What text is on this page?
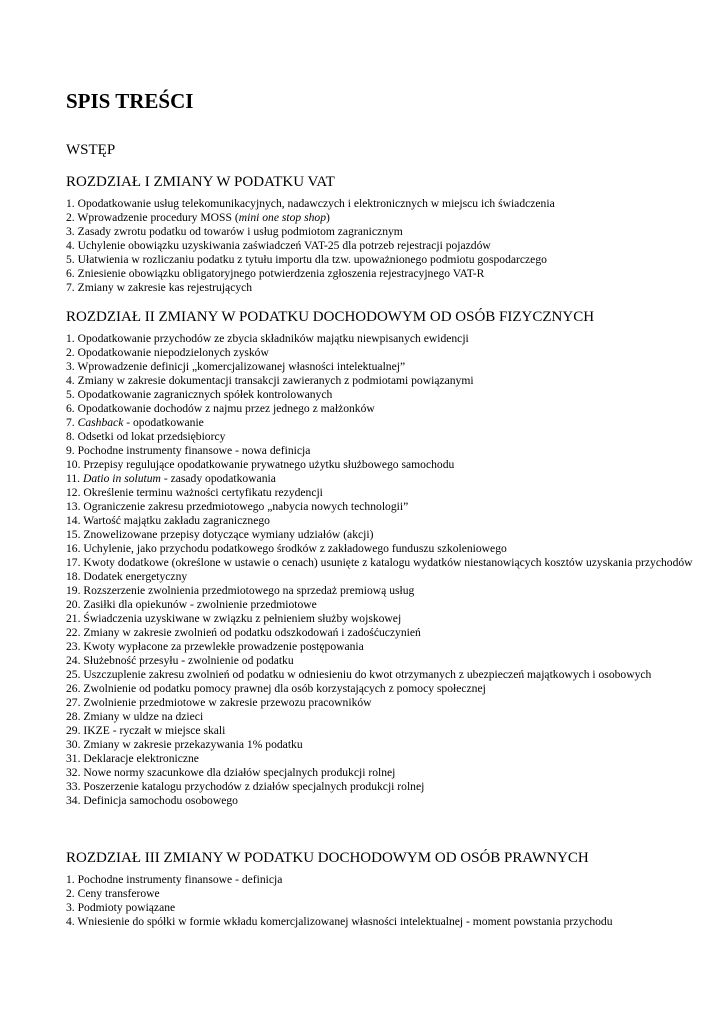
SPIS TREŚCI
WSTĘP
ROZDZIAŁ I ZMIANY W PODATKU VAT
1. Opodatkowanie usług telekomunikacyjnych, nadawczych i elektronicznych w miejscu ich świadczenia
2. Wprowadzenie procedury MOSS (mini one stop shop)
3. Zasady zwrotu podatku od towarów i usług podmiotom zagranicznym
4. Uchylenie obowiązku uzyskiwania zaświadczeń VAT-25 dla potrzeb rejestracji pojazdów
5. Ułatwienia w rozliczaniu podatku z tytułu importu dla tzw. upoważnionego podmiotu gospodarczego
6. Zniesienie obowiązku obligatoryjnego potwierdzenia zgłoszenia rejestracyjnego VAT-R
7. Zmiany w zakresie kas rejestrujących
ROZDZIAŁ II ZMIANY W PODATKU DOCHODOWYM OD OSÓB FIZYCZNYCH
1. Opodatkowanie przychodów ze zbycia składników majątku niewpisanych ewidencji
2. Opodatkowanie niepodzielonych zysków
3. Wprowadzenie definicji „komercjalizowanej własności intelektualnej”
4. Zmiany w zakresie dokumentacji transakcji zawieranych z podmiotami powiązanymi
5. Opodatkowanie zagranicznych spółek kontrolowanych
6. Opodatkowanie dochodów z najmu przez jednego z małżonków
7. Cashback - opodatkowanie
8. Odsetki od lokat przedsiębiorcy
9. Pochodne instrumenty finansowe - nowa definicja
10. Przepisy regulujące opodatkowanie prywatnego użytku służbowego samochodu
11. Datio in solutum - zasady opodatkowania
12. Określenie terminu ważności certyfikatu rezydencji
13. Ograniczenie zakresu przedmiotowego „nabycia nowych technologii”
14. Wartość majątku zakładu zagranicznego
15. Znowelizowane przepisy dotyczące wymiany udziałów (akcji)
16. Uchylenie, jako przychodu podatkowego środków z zakładowego funduszu szkoleniowego
17. Kwoty dodatkowe (określone w ustawie o cenach) usunięte z katalogu wydatków niestanowiących kosztów uzyskania przychodów
18. Dodatek energetyczny
19. Rozszerzenie zwolnienia przedmiotowego na sprzedaż premiową usług
20. Zasiłki dla opiekunów - zwolnienie przedmiotowe
21. Świadczenia uzyskiwane w związku z pełnieniem służby wojskowej
22. Zmiany w zakresie zwolnień od podatku odszkodowań i zadośćuczynień
23. Kwoty wypłacone za przewlekłe prowadzenie postępowania
24. Służebność przesyłu - zwolnienie od podatku
25. Uszczuplenie zakresu zwolnień od podatku w odniesieniu do kwot otrzymanych z ubezpieczeń majątkowych i osobowych
26. Zwolnienie od podatku pomocy prawnej dla osób korzystających z pomocy społecznej
27. Zwolnienie przedmiotowe w zakresie przewozu pracowników
28. Zmiany w uldze na dzieci
29. IKZE - ryczałt w miejsce skali
30. Zmiany w zakresie przekazywania 1% podatku
31. Deklaracje elektroniczne
32. Nowe normy szacunkowe dla działów specjalnych produkcji rolnej
33. Poszerzenie katalogu przychodów z działów specjalnych produkcji rolnej
34. Definicja samochodu osobowego
ROZDZIAŁ III ZMIANY W PODATKU DOCHODOWYM OD OSÓB PRAWNYCH
1. Pochodne instrumenty finansowe - definicja
2. Ceny transferowe
3. Podmioty powiązane
4. Wniesienie do spółki w formie wkładu komercjalizowanej własności intelektualnej - moment powstania przychodu
